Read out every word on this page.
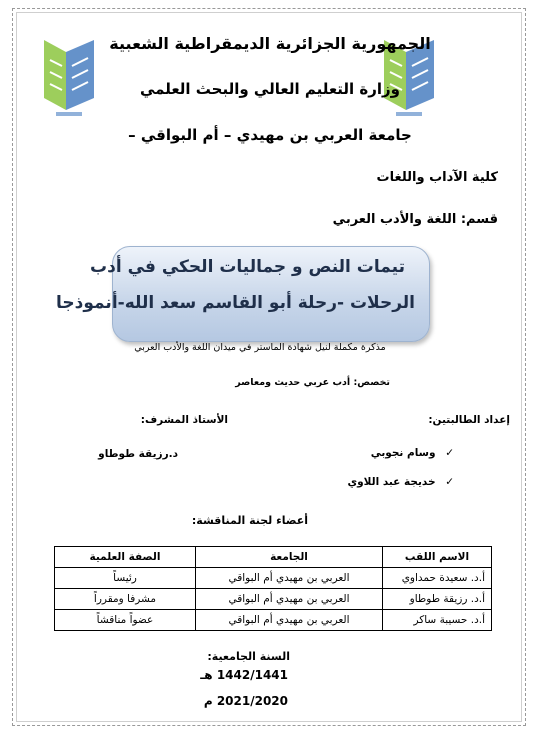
الجمهورية الجزائرية الديمقراطية الشعبية
وزارة التعليم العالي والبحث العلمي
جامعة العربي بن مهيدي – أم البواقي –
كلية الآداب واللغات
قسم: اللغة والأدب العربي
تيمات النص و جماليات الحكي في أدب
الرحلات -رحلة أبو القاسم سعد الله-أنموذجا
مذكرة مكملة لنيل شهادة الماستر في ميدان اللغة والأدب العربي
تخصص: أدب عربي حديث ومعاصر
إعداد الطالبتين:
الأستاذ المشرف:
✓ وسام نجوبي
✓ خديجة عبد اللاوي
د.رزيقة طوطاو
أعضاء لجنة المناقشة:
الاسم اللقب	الجامعة	الصفة العلمية
أ.د. سعيدة حمداوي	العربي بن مهيدي أم البواقي	رئيساً
أ.د. رزيقة طوطاو	العربي بن مهيدي أم البواقي	مشرفا ومقرراً
أ.د. حسيبة ساكر	العربي بن مهيدي أم البواقي	عضواً مناقشاً
السنة الجامعية:
1442/1441 هـ
2021/2020 م
